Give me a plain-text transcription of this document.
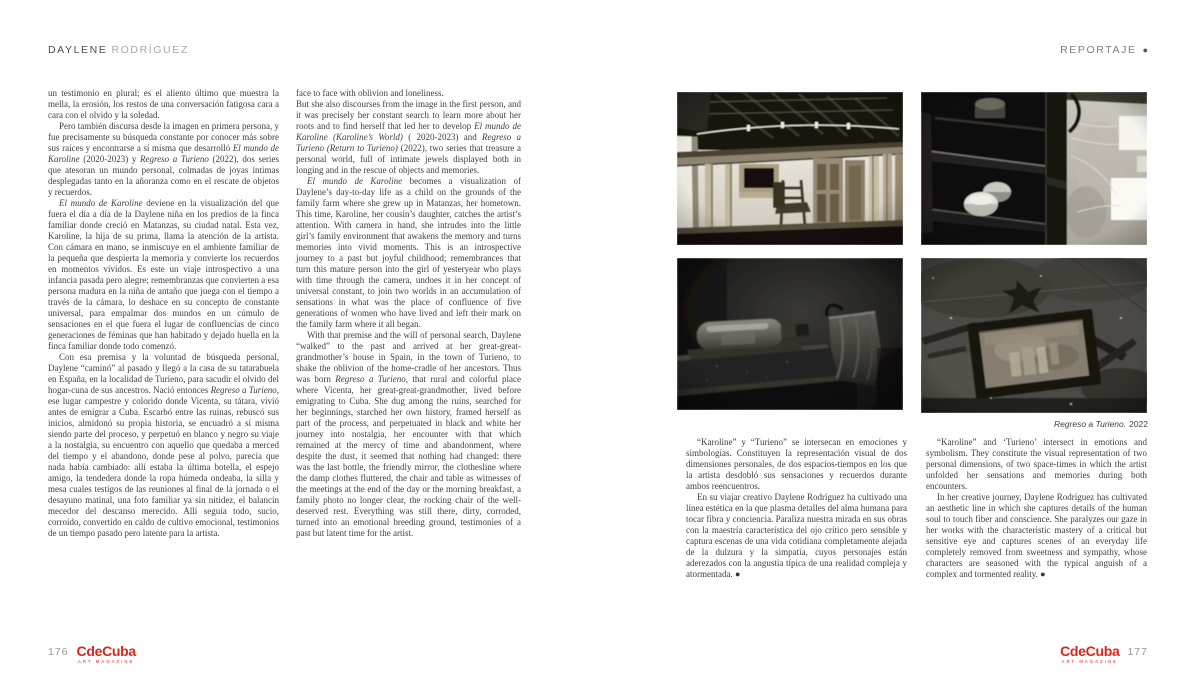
DAYLENE RODRÍGUEZ	REPORTAJE ●

un testimonio en plural; es el aliento último que muestra la mella, la erosión, los restos de una conversación fatigosa cara a cara con el olvido y la soledad.

Pero también discursa desde la imagen en primera persona, y fue precisamente su búsqueda constante por conocer más sobre sus raíces y encontrarse a sí misma que desarrolló El mundo de Karoline (2020-2023) y Regreso a Turieno (2022), dos series que atesoran un mundo personal, colmadas de joyas íntimas desplegadas tanto en la añoranza como en el rescate de objetos y recuerdos.

El mundo de Karoline deviene en la visualización del que fuera el día a día de la Daylene niña en los predios de la finca familiar donde creció en Matanzas, su ciudad natal. Esta vez, Karoline, la hija de su prima, llama la atención de la artista. Con cámara en mano, se inmiscuye en el ambiente familiar de la pequeña que despierta la memoria y convierte los recuerdos en momentos vívidos. Es este un viaje introspectivo a una infancia pasada pero alegre; remembranzas que convierten a esa persona madura en la niña de antaño que juega con el tiempo a través de la cámara, lo deshace en su concepto de constante universal, para empalmar dos mundos en un cúmulo de sensaciones en el que fuera el lugar de confluencias de cinco generaciones de féminas que han habitado y dejado huella en la finca familiar donde todo comenzó.

Con esa premisa y la voluntad de búsqueda personal, Daylene “caminó” al pasado y llegó a la casa de su tatarabuela en España, en la localidad de Turieno, para sacudir el olvido del hogar-cuna de sus ancestros. Nació entonces Regreso a Turieno, ese lugar campestre y colorido donde Vicenta, su tátara, vivió antes de emigrar a Cuba. Escarbó entre las ruinas, rebuscó sus inicios, almidonó su propia historia, se encuadró a sí misma siendo parte del proceso, y perpetuó en blanco y negro su viaje a la nostalgia, su encuentro con aquello que quedaba a merced del tiempo y el abandono, donde pese al polvo, parecía que nada había cambiado: allí estaba la última botella, el espejo amigo, la tendedera donde la ropa húmeda ondeaba, la silla y mesa cuales testigos de las reuniones al final de la jornada o el desayuno matinal, una foto familiar ya sin nitidez, el balancín mecedor del descanso merecido. Allí seguía todo, sucio, corroído, convertido en caldo de cultivo emocional, testimonios de un tiempo pasado pero latente para la artista.

face to face with oblivion and loneliness.

But she also discourses from the image in the first person, and it was precisely her constant search to learn more about her roots and to find herself that led her to develop El mundo de Karoline (Karoline’s World) ( 2020-2023) and Regreso a Turieno (Return to Turieno) (2022), two series that treasure a personal world, full of intimate jewels displayed both in longing and in the rescue of objects and memories.

El mundo de Karoline becomes a visualization of Daylene’s day-to-day life as a child on the grounds of the family farm where she grew up in Matanzas, her hometown. This time, Karoline, her cousin’s daughter, catches the artist’s attention. With camera in hand, she intrudes into the little girl’s family environment that awakens the memory and turns memories into vivid moments. This is an introspective journey to a past but joyful childhood; remembrances that turn this mature person into the girl of yesteryear who plays with time through the camera, undoes it in her concept of universal constant, to join two worlds in an accumulation of sensations in what was the place of confluence of five generations of women who have lived and left their mark on the family farm where it all began.

With that premise and the will of personal search, Daylene “walked” to the past and arrived at her great-great-grandmother’s house in Spain, in the town of Turieno, to shake the oblivion of the home-cradle of her ancestors. Thus was born Regreso a Turieno, that rural and colorful place where Vicenta, her great-great-grandmother, lived before emigrating to Cuba. She dug among the ruins, searched for her beginnings, starched her own history, framed herself as part of the process, and perpetuated in black and white her journey into nostalgia, her encounter with that which remained at the mercy of time and abandonment, where despite the dust, it seemed that nothing had changed: there was the last bottle, the friendly mirror, the clothesline where the damp clothes fluttered, the chair and table as witnesses of the meetings at the end of the day or the morning breakfast, a family photo no longer clear, the rocking chair of the well-deserved rest. Everything was still there, dirty, corroded, turned into an emotional breeding ground, testimonies of a past but latent time for the artist.

Regreso a Turieno. 2022

“Karoline” y “Turieno” se intersecan en emociones y simbologías. Constituyen la representación visual de dos dimensiones personales, de dos espacios-tiempos en los que la artista desdobló sus sensaciones y recuerdos durante ambos reencuentros.

En su viajar creativo Daylene Rodríguez ha cultivado una línea estética en la que plasma detalles del alma humana para tocar fibra y conciencia. Paraliza nuestra mirada en sus obras con la maestría característica del ojo crítico pero sensible y captura escenas de una vida cotidiana completamente alejada de la dulzura y la simpatía, cuyos personajes están aderezados con la angustia típica de una realidad compleja y atormentada. ●

“Karoline” and ‘Turieno’ intersect in emotions and symbolism. They constitute the visual representation of two personal dimensions, of two space-times in which the artist unfolded her sensations and memories during both encounters.

In her creative journey, Daylene Rodríguez has cultivated an aesthetic line in which she captures details of the human soul to touch fiber and conscience. She paralyzes our gaze in her works with the characteristic mastery of a critical but sensitive eye and captures scenes of an everyday life completely removed from sweetness and sympathy, whose characters are seasoned with the typical anguish of a complex and tormented reality. ●

176 CdeCuba
ART MAGAZINE
CdeCuba
ART MAGAZINE
177
